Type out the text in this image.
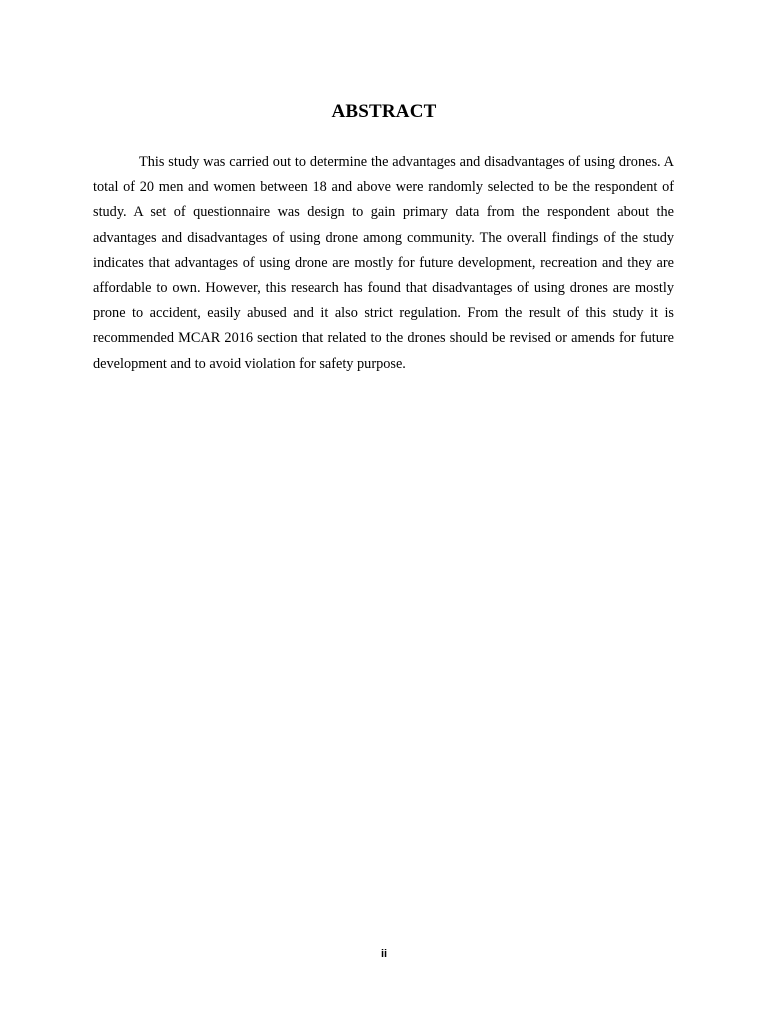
ABSTRACT

This study was carried out to determine the advantages and disadvantages of using drones. A total of 20 men and women between 18 and above were randomly selected to be the respondent of study. A set of questionnaire was design to gain primary data from the respondent about the advantages and disadvantages of using drone among community. The overall findings of the study indicates that advantages of using drone are mostly for future development, recreation and they are affordable to own. However, this research has found that disadvantages of using drones are mostly prone to accident, easily abused and it also strict regulation. From the result of this study it is recommended MCAR 2016 section that related to the drones should be revised or amends for future development and to avoid violation for safety purpose.

ii
